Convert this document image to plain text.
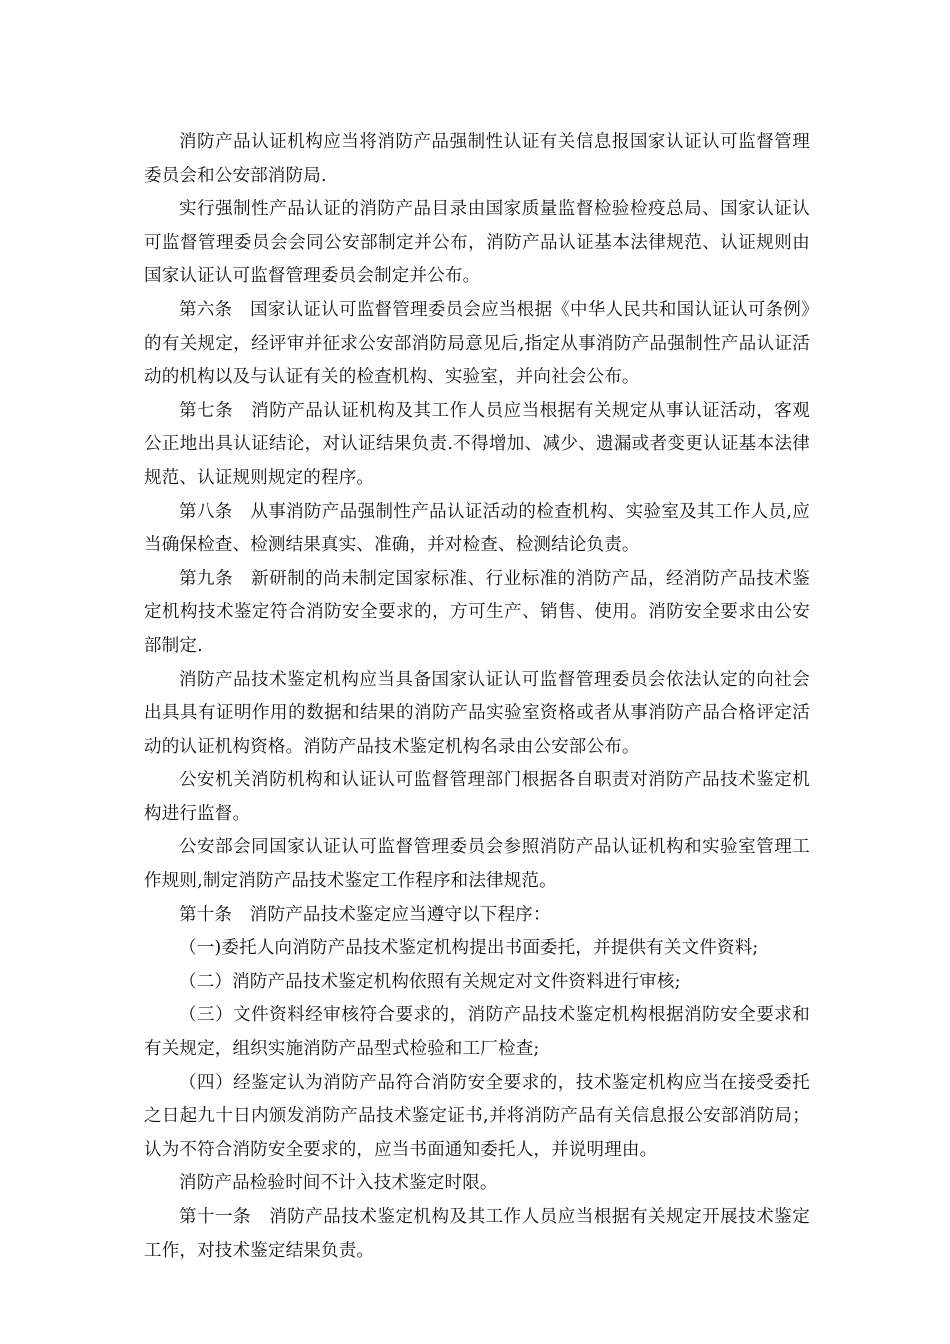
消防产品认证机构应当将消防产品强制性认证有关信息报国家认证认可监督管理委员会和公安部消防局.

实行强制性产品认证的消防产品目录由国家质量监督检验检疫总局、国家认证认可监督管理委员会会同公安部制定并公布，消防产品认证基本法律规范、认证规则由国家认证认可监督管理委员会制定并公布。

第六条　国家认证认可监督管理委员会应当根据《中华人民共和国认证认可条例》的有关规定，经评审并征求公安部消防局意见后,指定从事消防产品强制性产品认证活动的机构以及与认证有关的检查机构、实验室，并向社会公布。

第七条　消防产品认证机构及其工作人员应当根据有关规定从事认证活动，客观公正地出具认证结论，对认证结果负责.不得增加、减少、遗漏或者变更认证基本法律规范、认证规则规定的程序。

第八条　从事消防产品强制性产品认证活动的检查机构、实验室及其工作人员,应当确保检查、检测结果真实、准确，并对检查、检测结论负责。

第九条　新研制的尚未制定国家标准、行业标准的消防产品，经消防产品技术鉴定机构技术鉴定符合消防安全要求的，方可生产、销售、使用。消防安全要求由公安部制定.

消防产品技术鉴定机构应当具备国家认证认可监督管理委员会依法认定的向社会出具具有证明作用的数据和结果的消防产品实验室资格或者从事消防产品合格评定活动的认证机构资格。消防产品技术鉴定机构名录由公安部公布。

公安机关消防机构和认证认可监督管理部门根据各自职责对消防产品技术鉴定机构进行监督。

公安部会同国家认证认可监督管理委员会参照消防产品认证机构和实验室管理工作规则,制定消防产品技术鉴定工作程序和法律规范。

第十条　消防产品技术鉴定应当遵守以下程序：

（一)委托人向消防产品技术鉴定机构提出书面委托，并提供有关文件资料;

（二）消防产品技术鉴定机构依照有关规定对文件资料进行审核;

（三）文件资料经审核符合要求的，消防产品技术鉴定机构根据消防安全要求和有关规定，组织实施消防产品型式检验和工厂检查;

（四）经鉴定认为消防产品符合消防安全要求的，技术鉴定机构应当在接受委托之日起九十日内颁发消防产品技术鉴定证书,并将消防产品有关信息报公安部消防局；认为不符合消防安全要求的，应当书面通知委托人，并说明理由。

消防产品检验时间不计入技术鉴定时限。

第十一条　消防产品技术鉴定机构及其工作人员应当根据有关规定开展技术鉴定工作，对技术鉴定结果负责。
